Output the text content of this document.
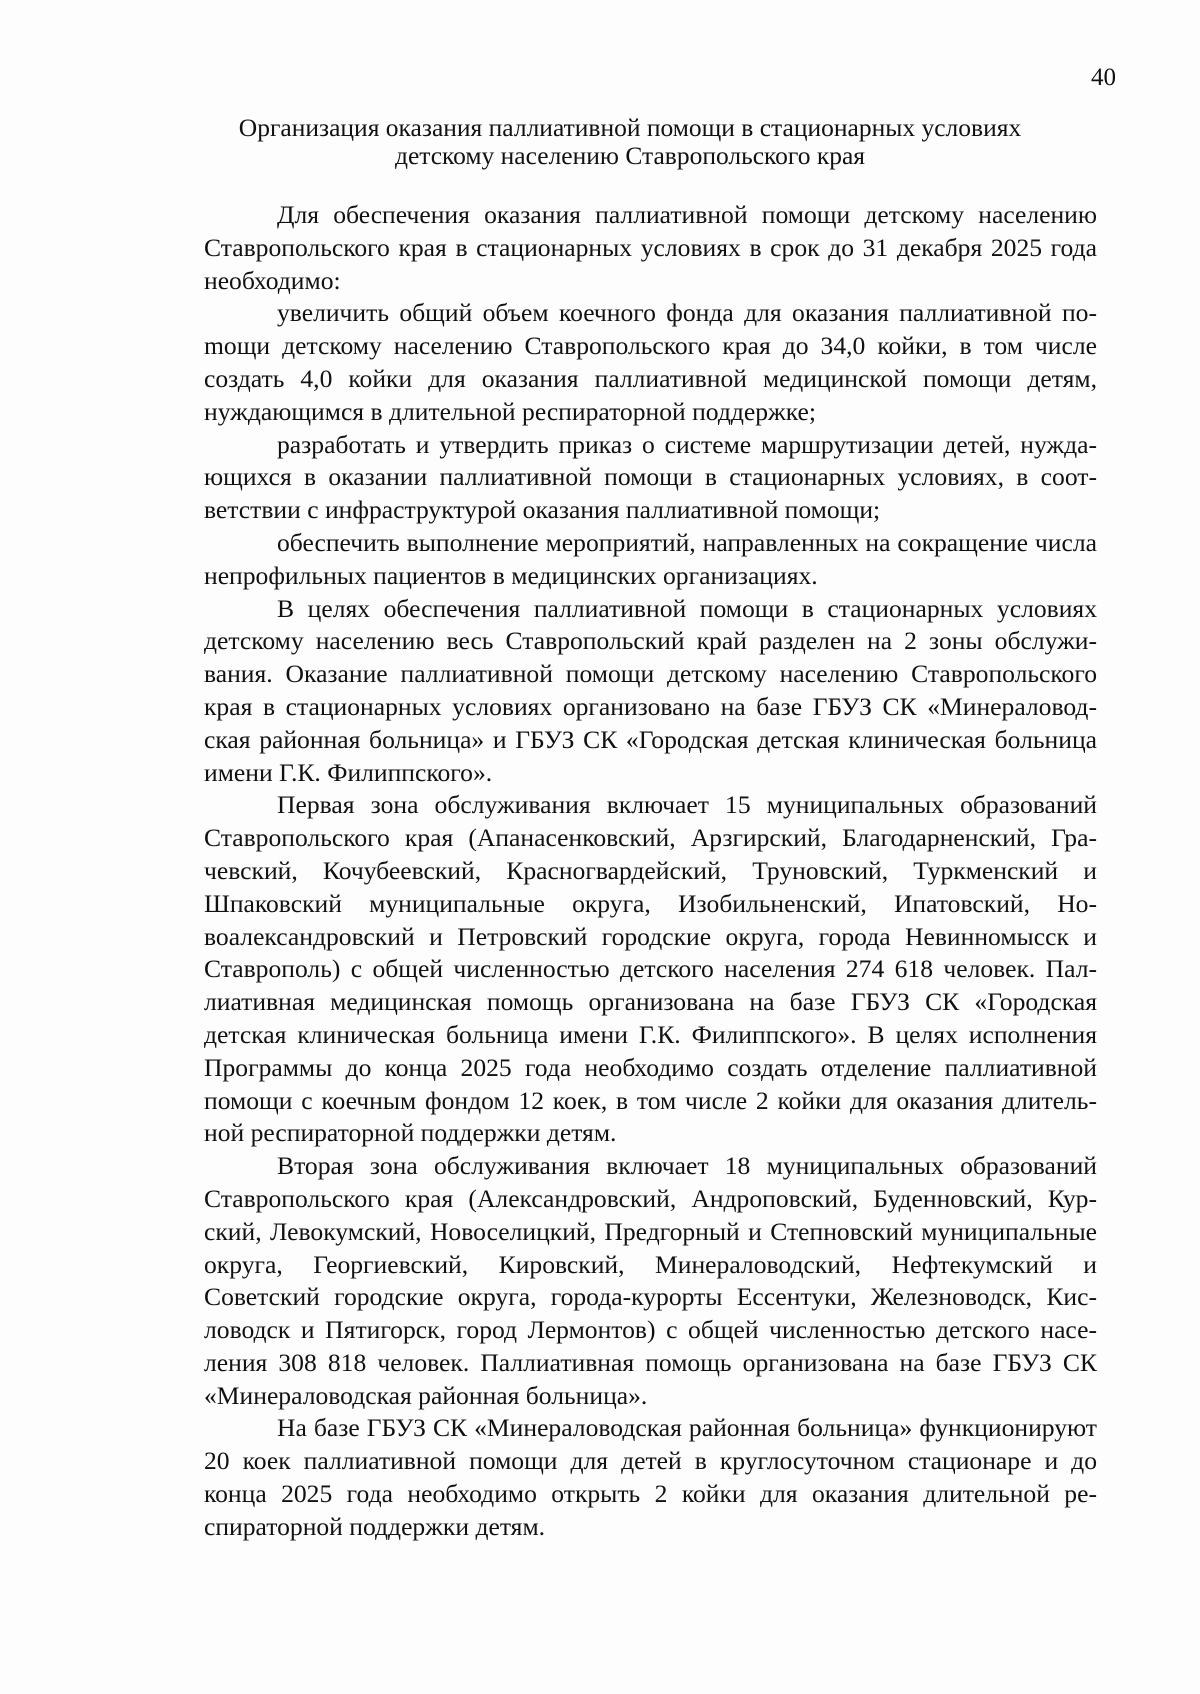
40
Организация оказания паллиативной помощи в стационарных условиях
детскому населению Ставропольского края

Для обеспечения оказания паллиативной помощи детскому населению Ставропольского края в стационарных условиях в срок до 31 декабря 2025 года необходимо:

увеличить общий объем коечного фонда для оказания паллиативной поmощи детскому населению Ставропольского края до 34,0 койки, в том числе создать 4,0 койки для оказания паллиативной медицинской помощи детям, нуждающимся в длительной респираторной поддержке;

разработать и утвердить приказ о системе маршрутизации детей, нуждающихся в оказании паллиативной помощи в стационарных условиях, в соответствии с инфраструктурой оказания паллиативной помощи;

обеспечить выполнение мероприятий, направленных на сокращение числа непрофильных пациентов в медицинских организациях.

В целях обеспечения паллиативной помощи в стационарных условиях детскому населению весь Ставропольский край разделен на 2 зоны обслуживания. Оказание паллиативной помощи детскому населению Ставропольского края в стационарных условиях организовано на базе ГБУЗ СК «Минераловодская районная больница» и ГБУЗ СК «Городская детская клиническая больница имени Г.К. Филиппского».

Первая зона обслуживания включает 15 муниципальных образований Ставропольского края (Апанасенковский, Арзгирский, Благодарненский, Грачевский, Кочубеевский, Красногвардейский, Труновский, Туркменский и Шпаковский муниципальные округа, Изобильненский, Ипатовский, Новоалександровский и Петровский городские округа, города Невинномысск и Ставрополь) с общей численностью детского населения 274 618 человек. Паллиативная медицинская помощь организована на базе ГБУЗ СК «Городская детская клиническая больница имени Г.К. Филиппского». В целях исполнения Программы до конца 2025 года необходимо создать отделение паллиативной помощи с коечным фондом 12 коек, в том числе 2 койки для оказания длительной респираторной поддержки детям.

Вторая зона обслуживания включает 18 муниципальных образований Ставропольского края (Александровский, Андроповский, Буденновский, Курский, Левокумский, Новоселицкий, Предгорный и Степновский муниципальные округа, Георгиевский, Кировский, Минераловодский, Нефтекумский и Советский городские округа, города-курорты Ессентуки, Железноводск, Кисловодск и Пятигорск, город Лермонтов) с общей численностью детского населения 308 818 человек. Паллиативная помощь организована на базе ГБУЗ СК «Минераловодская районная больница».

На базе ГБУЗ СК «Минераловодская районная больница» функционируют 20 коек паллиативной помощи для детей в круглосуточном стационаре и до конца 2025 года необходимо открыть 2 койки для оказания длительной респираторной поддержки детям.
